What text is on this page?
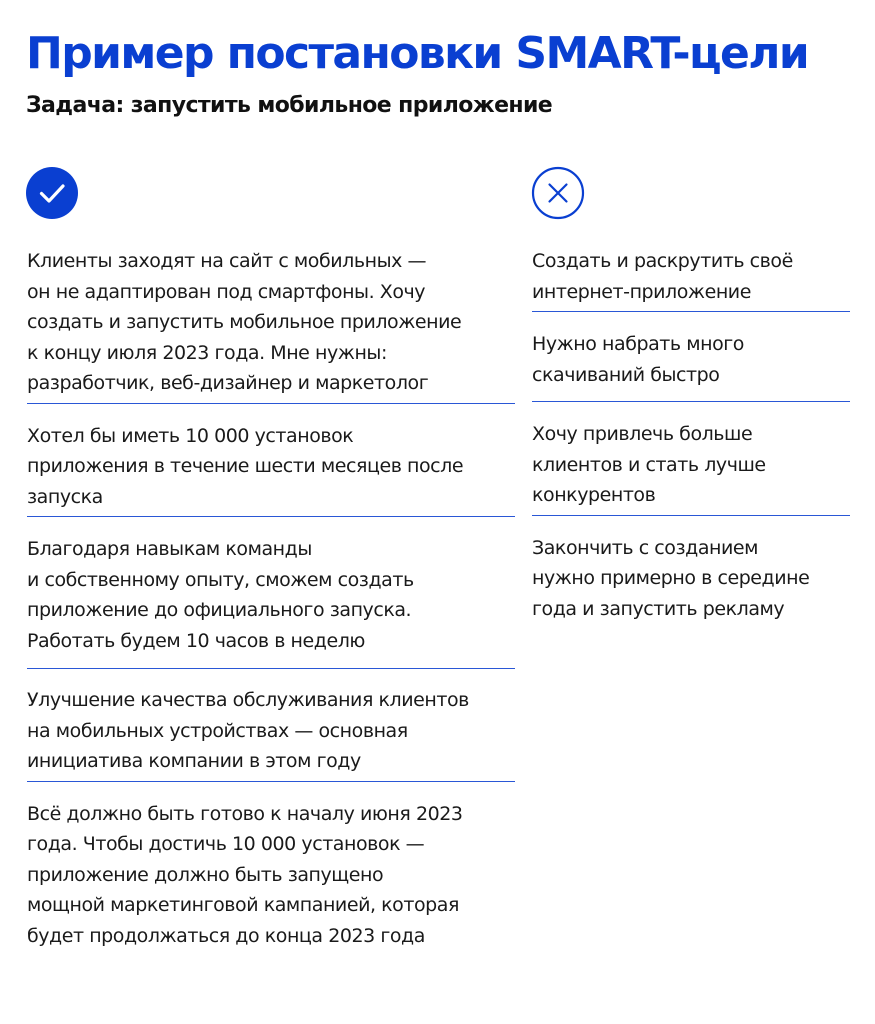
Пример постановки SMART-цели
Задача: запустить мобильное приложение
Клиенты заходят на сайт с мобильных —
он не адаптирован под смартфоны. Хочу
создать и запустить мобильное приложение
к концу июля 2023 года. Мне нужны:
разработчик, веб-дизайнер и маркетолог
Хотел бы иметь 10 000 установок
приложения в течение шести месяцев после
запуска
Благодаря навыкам команды
и собственному опыту, сможем создать
приложение до официального запуска.
Работать будем 10 часов в неделю
Улучшение качества обслуживания клиентов
на мобильных устройствах — основная
инициатива компании в этом году
Всё должно быть готово к началу июня 2023
года. Чтобы достичь 10 000 установок —
приложение должно быть запущено
мощной маркетинговой кампанией, которая
будет продолжаться до конца 2023 года
Создать и раскрутить своё
интернет-приложение
Нужно набрать много
скачиваний быстро
Хочу привлечь больше
клиентов и стать лучше
конкурентов
Закончить с созданием
нужно примерно в середине
года и запустить рекламу
